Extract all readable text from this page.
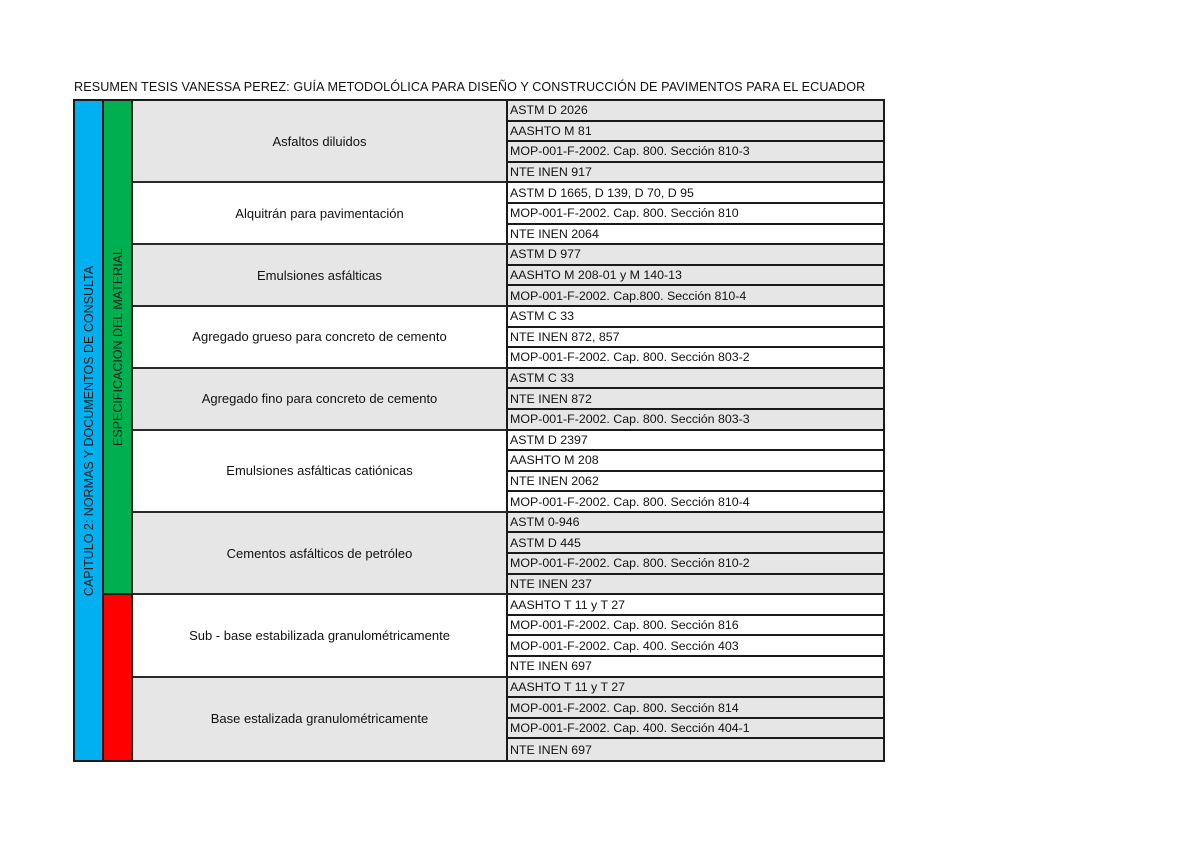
RESUMEN TESIS VANESSA PEREZ: GUÍA METODOLÓLICA PARA DISEÑO Y CONSTRUCCIÓN DE PAVIMENTOS PARA EL ECUADOR
CAPITULO 2: NORMAS Y DOCUMENTOS DE CONSULTA ESPECIFICACION DEL MATERIAL
Asfaltos diluidos
ASTM D 2026
AASHTO M 81
MOP-001-F-2002. Cap. 800. Sección 810-3
NTE INEN 917
Alquitrán para pavimentación
ASTM D 1665, D 139, D 70, D 95
MOP-001-F-2002. Cap. 800. Sección 810
NTE INEN 2064
Emulsiones asfálticas
ASTM D 977
AASHTO M 208-01 y M 140-13
MOP-001-F-2002. Cap.800. Sección 810-4
Agregado grueso para concreto de cemento
ASTM C 33
NTE INEN 872, 857
MOP-001-F-2002. Cap. 800. Sección 803-2
Agregado fino para concreto de cemento
ASTM C 33
NTE INEN 872
MOP-001-F-2002. Cap. 800. Sección 803-3
Emulsiones asfálticas catiónicas
ASTM D 2397
AASHTO M 208
NTE INEN 2062
MOP-001-F-2002. Cap. 800. Sección 810-4
Cementos asfálticos de petróleo
ASTM 0-946
ASTM D 445
MOP-001-F-2002. Cap. 800. Sección 810-2
NTE INEN 237
Sub - base estabilizada granulométricamente
AASHTO T 11 y T 27
MOP-001-F-2002. Cap. 800. Sección 816
MOP-001-F-2002. Cap. 400. Sección 403
NTE INEN 697
Base estalizada granulométricamente
AASHTO T 11 y T 27
MOP-001-F-2002. Cap. 800. Sección 814
MOP-001-F-2002. Cap. 400. Sección 404-1
NTE INEN 697
